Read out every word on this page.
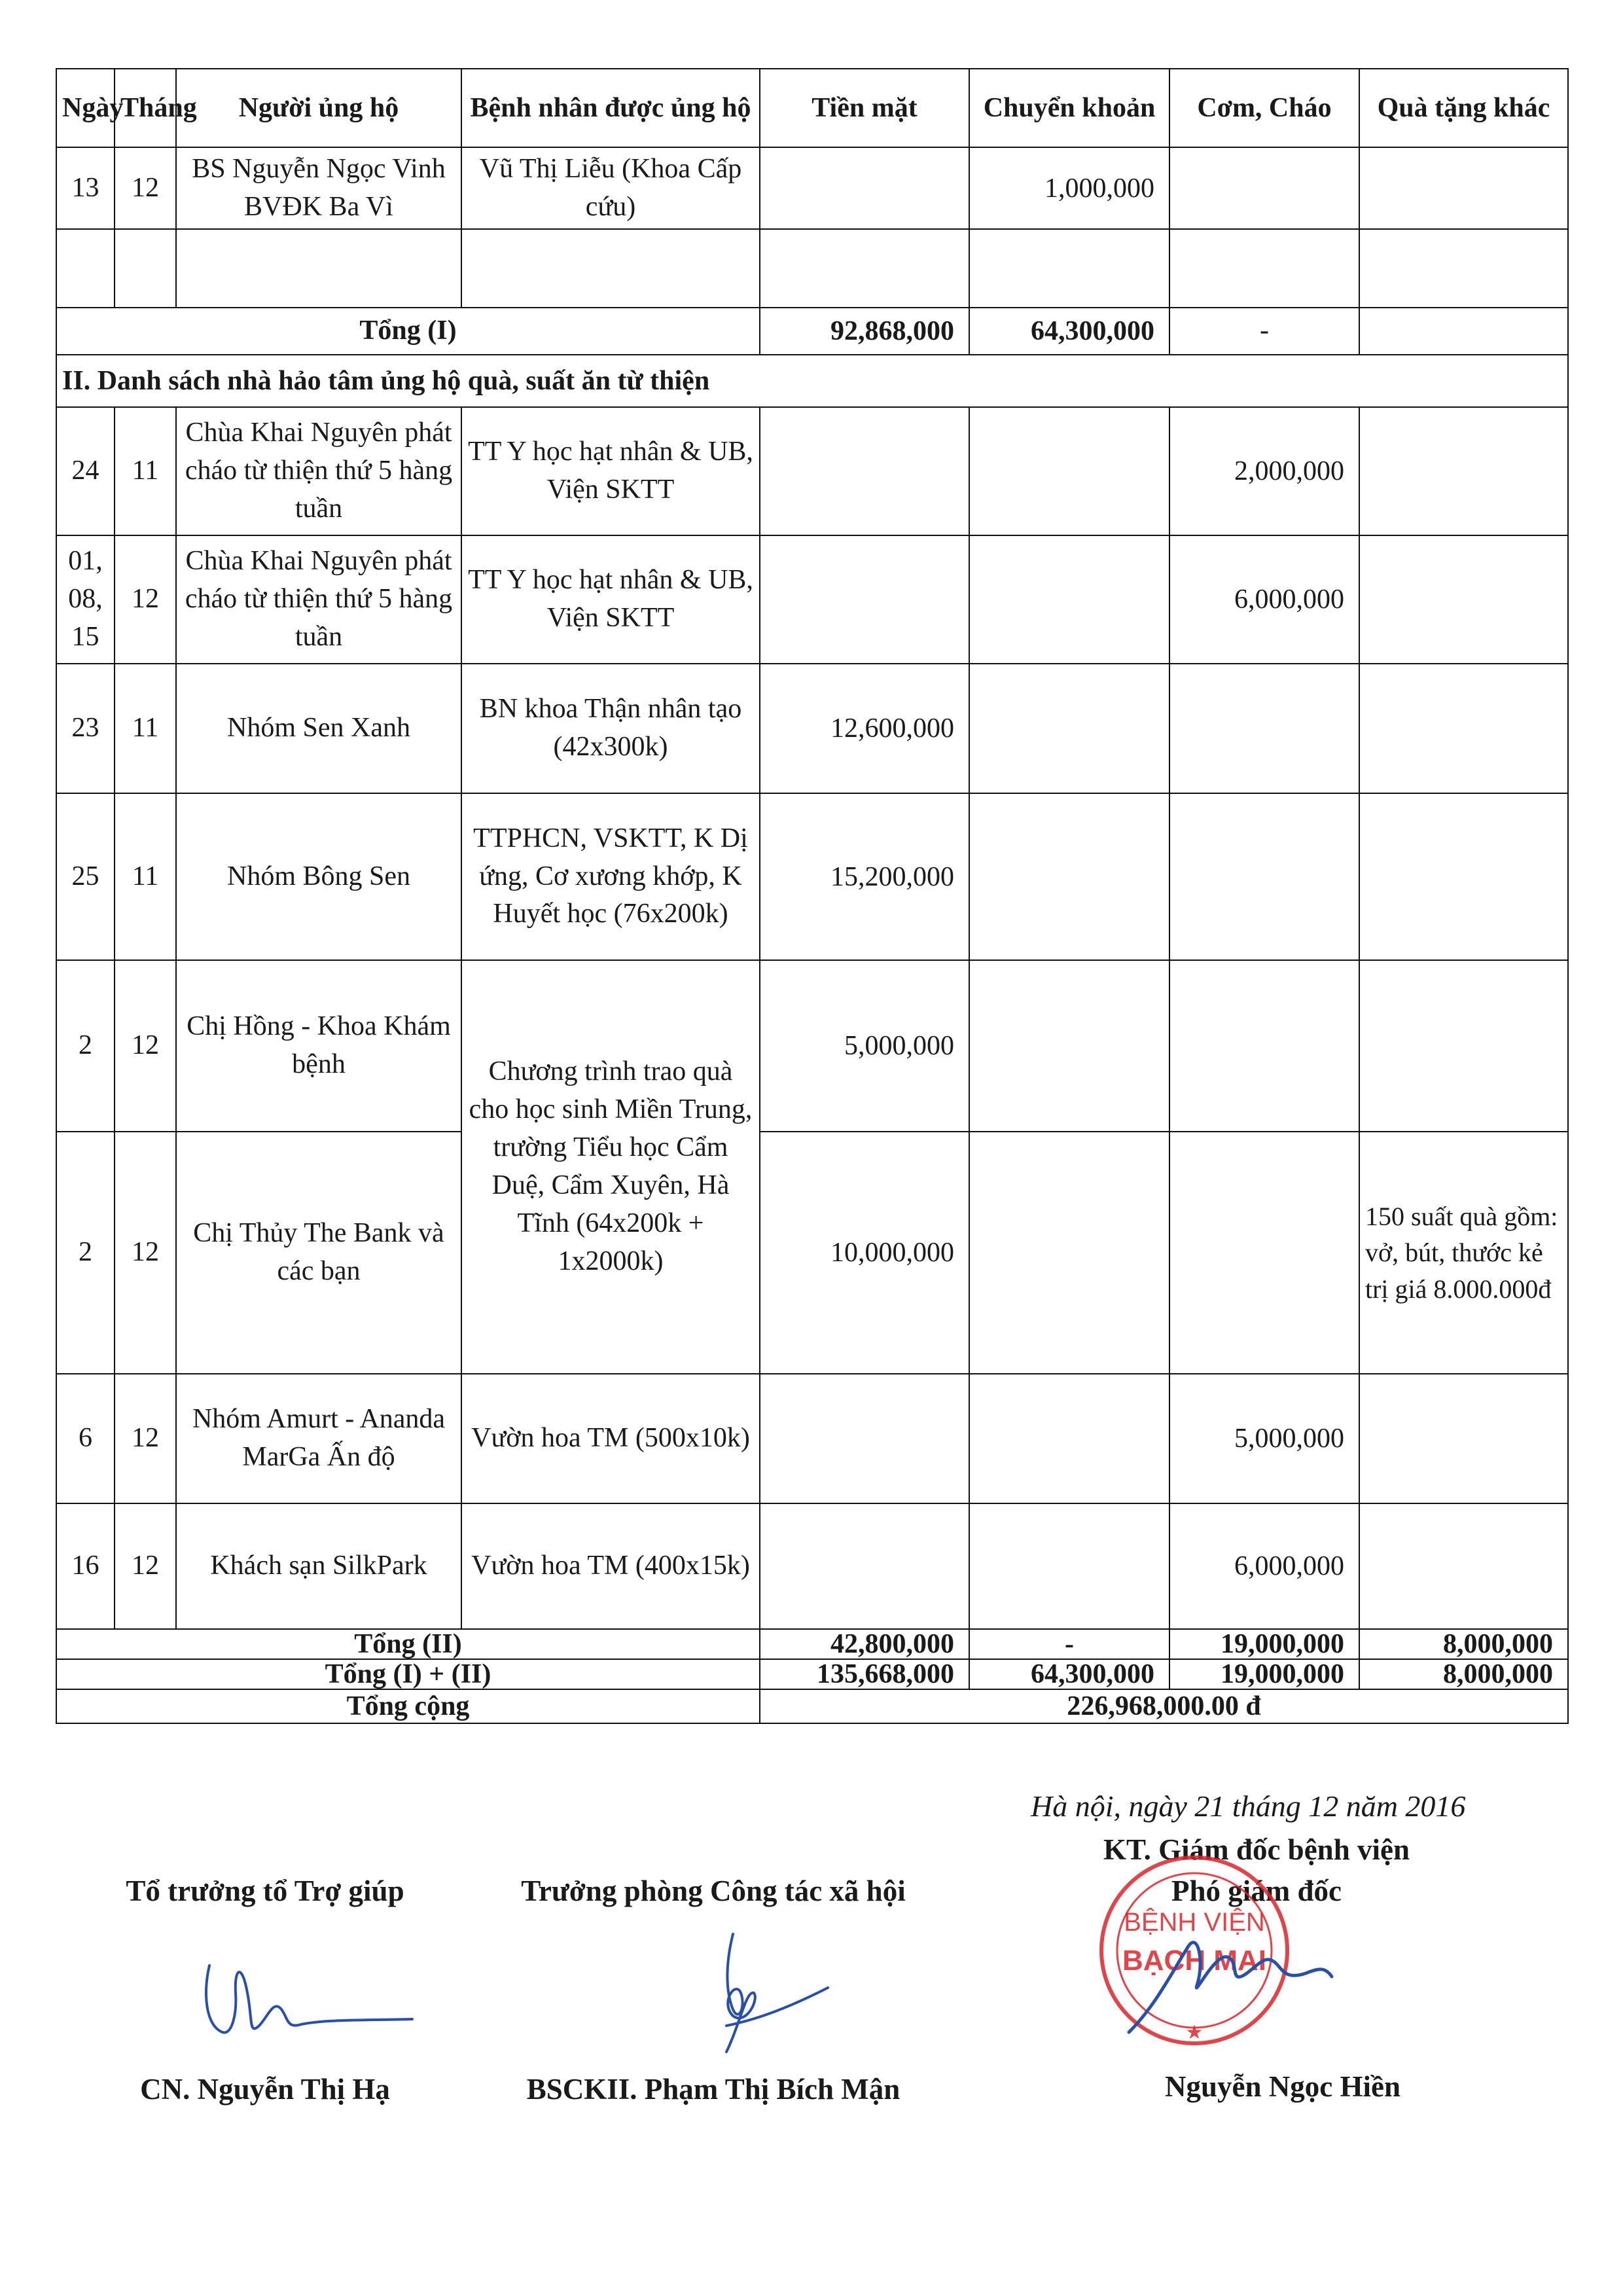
Ngày	Tháng	Người ủng hộ	Bệnh nhân được ủng hộ	Tiền mặt	Chuyển khoản	Cơm, Cháo	Quà tặng khác
13	12	BS Nguyễn Ngọc Vinh BVĐK Ba Vì	Vũ Thị Liễu (Khoa Cấp cứu)		1,000,000		

Tổng (I)				92,868,000	64,300,000	-	
II. Danh sách nhà hảo tâm ủng hộ quà, suất ăn từ thiện							
24	11	Chùa Khai Nguyên phát cháo từ thiện thứ 5 hàng tuần	TT Y học hạt nhân & UB, Viện SKTT			2,000,000	
01, 08, 15	12	Chùa Khai Nguyên phát cháo từ thiện thứ 5 hàng tuần	TT Y học hạt nhân & UB, Viện SKTT			6,000,000	
23	11	Nhóm Sen Xanh	BN khoa Thận nhân tạo (42x300k)	12,600,000			
25	11	Nhóm Bông Sen	TTPHCN, VSKTT, K Dị ứng, Cơ xương khớp, K Huyết học (76x200k)	15,200,000			
2	12	Chị Hồng - Khoa Khám bệnh	Chương trình trao quà cho học sinh Miền Trung, trường Tiểu học Cẩm Duệ, Cẩm Xuyên, Hà Tĩnh (64x200k + 1x2000k)	5,000,000			
2	12	Chị Thủy The Bank và các bạn		10,000,000			150 suất quà gồm: vở, bút, thước kẻ trị giá 8.000.000đ
6	12	Nhóm Amurt - Ananda MarGa Ấn độ	Vườn hoa TM (500x10k)			5,000,000	
16	12	Khách sạn SilkPark	Vườn hoa TM (400x15k)			6,000,000	
Tổng (II)				42,800,000	-	19,000,000	8,000,000
Tổng (I) + (II)				135,668,000	64,300,000	19,000,000	8,000,000
Tổng cộng				226,968,000.00 đ			
Hà nội, ngày 21 tháng 12 năm 2016
Tổ trưởng tổ Trợ giúp	Trưởng phòng Công tác xã hội
KT. Giám đốc bệnh viện
Phó giám đốc
BỆNH VIỆN
BẠCH MAI
★
CN. Nguyễn Thị Hạ	BSCKII. Phạm Thị Bích Mận	Nguyễn Ngọc Hiền
